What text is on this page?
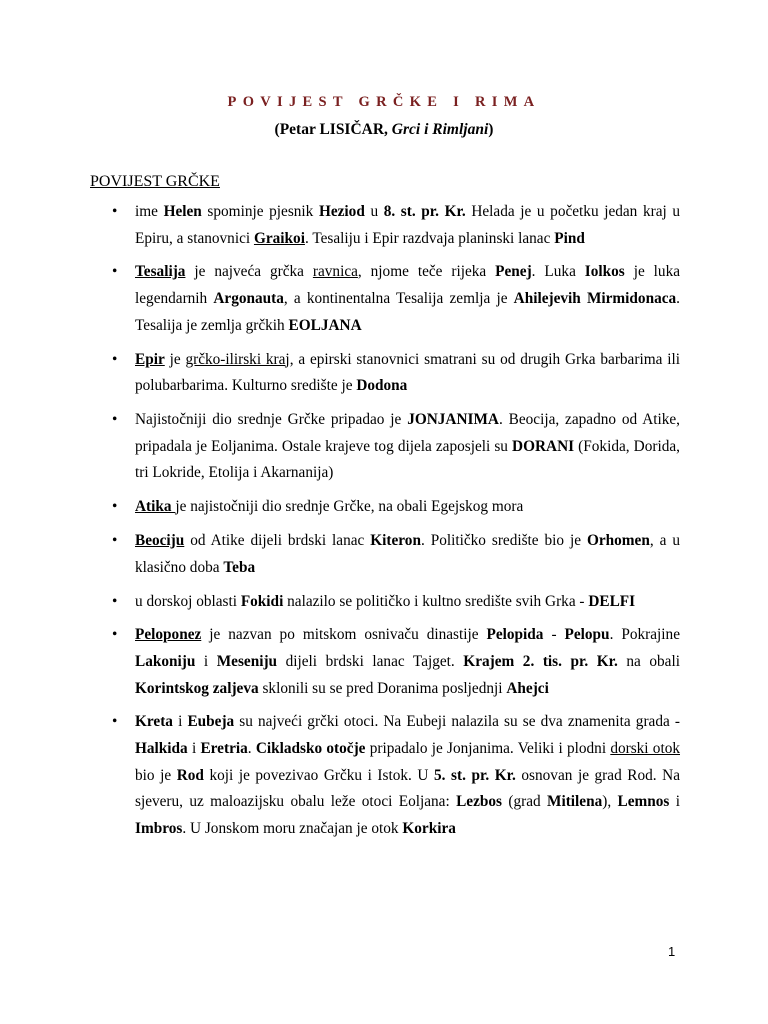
POVIJEST GRČKE I RIMA
(Petar LISIČAR, Grci i Rimljani)
POVIJEST GRČKE
• ime Helen spominje pjesnik Heziod u 8. st. pr. Kr. Helada je u početku jedan kraj u Epiru, a stanovnici Graikoi. Tesaliju i Epir razdvaja planinski lanac Pind
• Tesalija je najveća grčka ravnica, njome teče rijeka Penej. Luka Iolkos je luka legendarnih Argonauta, a kontinentalna Tesalija zemlja je Ahilejevih Mirmidonaca. Tesalija je zemlja grčkih EOLJANA
• Epir je grčko-ilirski kraj, a epirski stanovnici smatrani su od drugih Grka barbarima ili polubarbarima. Kulturno središte je Dodona
• Najistočniji dio srednje Grčke pripadao je JONJANIMA. Beocija, zapadno od Atike, pripadala je Eoljanima. Ostale krajeve tog dijela zaposjeli su DORANI (Fokida, Dorida, tri Lokride, Etolija i Akarnanija)
• Atika je najistočniji dio srednje Grčke, na obali Egejskog mora
• Beociju od Atike dijeli brdski lanac Kiteron. Političko središte bio je Orhomen, a u klasično doba Teba
• u dorskoj oblasti Fokidi nalazilo se političko i kultno središte svih Grka - DELFI
• Peloponez je nazvan po mitskom osnivaču dinastije Pelopida - Pelopu. Pokrajine Lakoniju i Meseniju dijeli brdski lanac Tajget. Krajem 2. tis. pr. Kr. na obali Korintskog zaljeva sklonili su se pred Doranima posljednji Ahejci
• Kreta i Eubeja su najveći grčki otoci. Na Eubeji nalazila su se dva znamenita grada - Halkida i Eretria. Cikladsko otočje pripadalo je Jonjanima. Veliki i plodni dorski otok bio je Rod koji je povezivao Grčku i Istok. U 5. st. pr. Kr. osnovan je grad Rod. Na sjeveru, uz maloazijsku obalu leže otoci Eoljana: Lezbos (grad Mitilena), Lemnos i Imbros. U Jonskom moru značajan je otok Korkira
1
